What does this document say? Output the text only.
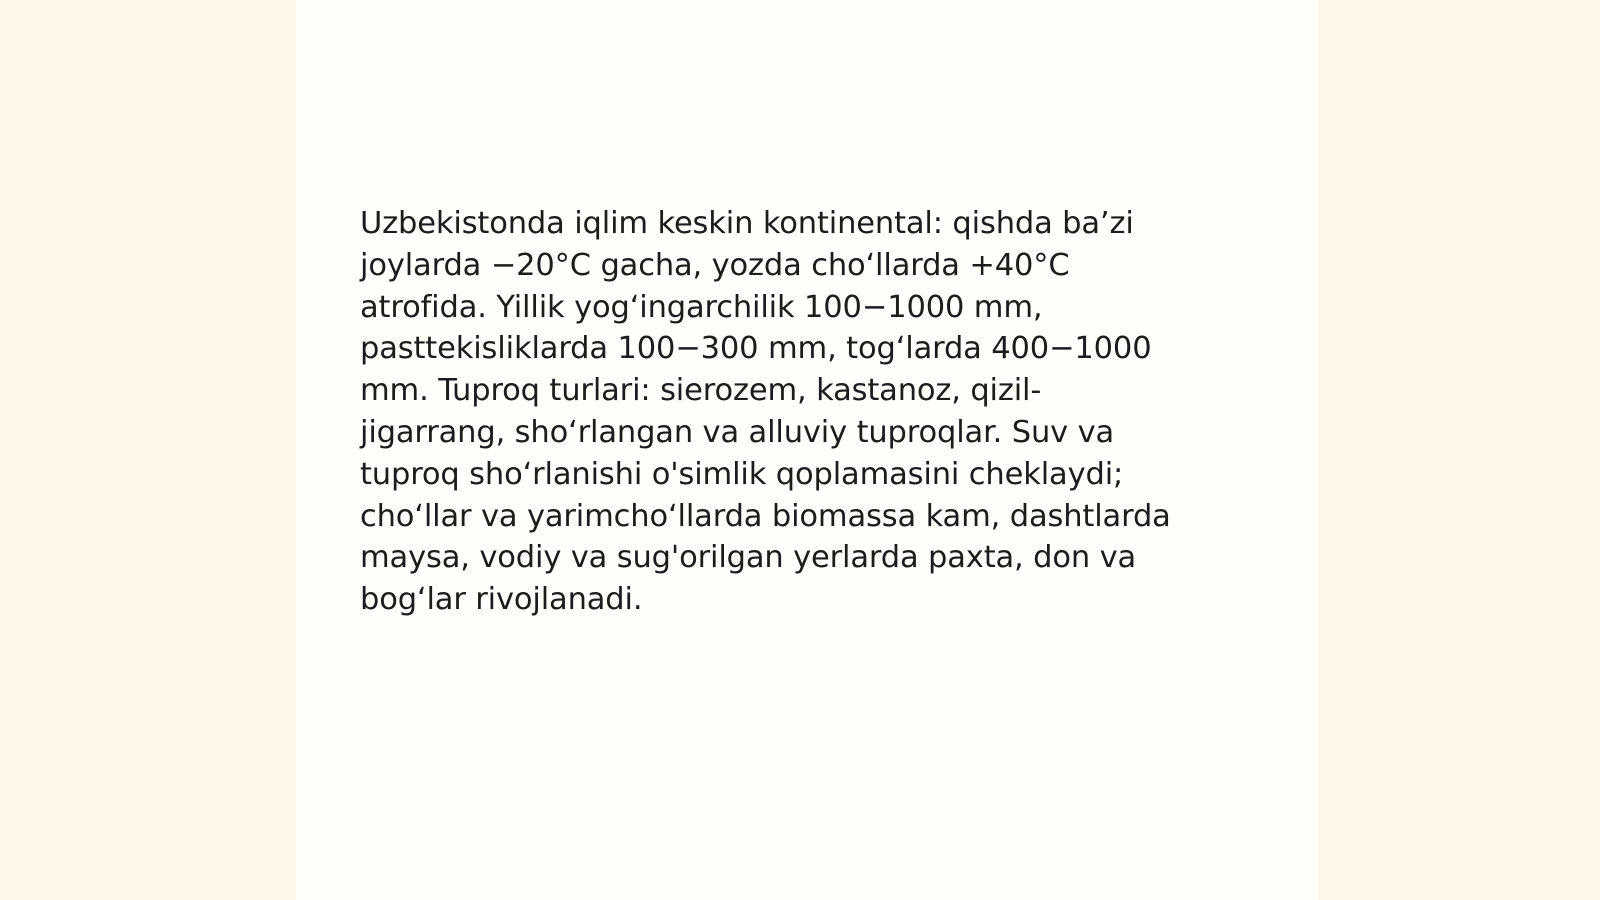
Uzbekistonda iqlim keskin kontinental: qishda ba’zi
joylarda −20°C gacha, yozda cho‘llarda +40°C
atrofida. Yillik yog‘ingarchilik 100−1000 mm,
pasttekisliklarda 100−300 mm, tog‘larda 400−1000
mm. Tuproq turlari: sierozem, kastanoz, qizil-
jigarrang, sho‘rlangan va alluviy tuproqlar. Suv va
tuproq sho‘rlanishi o'simlik qoplamasini cheklaydi;
cho‘llar va yarimcho‘llarda biomassa kam, dashtlarda
maysa, vodiy va sug'orilgan yerlarda paxta, don va
bog‘lar rivojlanadi.
